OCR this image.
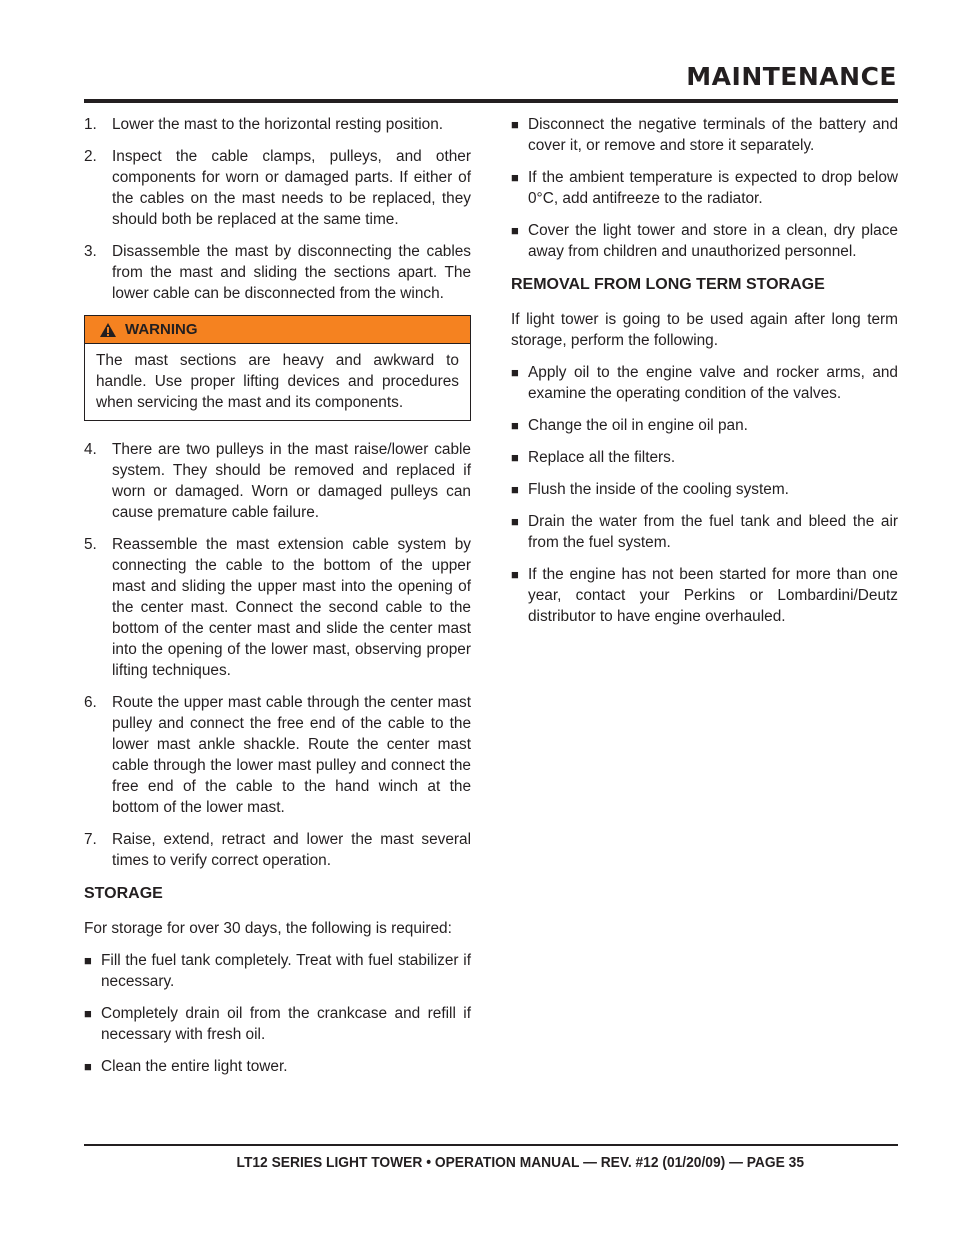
MAINTENANCE
1. Lower the mast to the horizontal resting position.
2. Inspect the cable clamps, pulleys, and other components for worn or damaged parts. If either of the cables on the mast needs to be replaced, they should both be replaced at the same time.
3. Disassemble the mast by disconnecting the cables from the mast and sliding the sections apart. The lower cable can be disconnected from the winch.
WARNING
The mast sections are heavy and awkward to handle. Use proper lifting devices and procedures when servicing the mast and its components.
4. There are two pulleys in the mast raise/lower cable system. They should be removed and replaced if worn or damaged. Worn or damaged pulleys can cause premature cable failure.
5. Reassemble the mast extension cable system by connecting the cable to the bottom of the upper mast and sliding the upper mast into the opening of the center mast. Connect the second cable to the bottom of the center mast and slide the center mast into the opening of the lower mast, observing proper lifting techniques.
6. Route the upper mast cable through the center mast pulley and connect the free end of the cable to the lower mast ankle shackle. Route the center mast cable through the lower mast pulley and connect the free end of the cable to the hand winch at the bottom of the lower mast.
7. Raise, extend, retract and lower the mast several times to verify correct operation.
STORAGE
For storage for over 30 days, the following is required:
■ Fill the fuel tank completely. Treat with fuel stabilizer if necessary.
■ Completely drain oil from the crankcase and refill if necessary with fresh oil.
■ Clean the entire light tower.
■ Disconnect the negative terminals of the battery and cover it, or remove and store it separately.
■ If the ambient temperature is expected to drop below 0°C, add antifreeze to the radiator.
■ Cover the light tower and store in a clean, dry place away from children and unauthorized personnel.
REMOVAL FROM LONG TERM STORAGE
If light tower is going to be used again after long term storage, perform the following.
■ Apply oil to the engine valve and rocker arms, and examine the operating condition of the valves.
■ Change the oil in engine oil pan.
■ Replace all the filters.
■ Flush the inside of the cooling system.
■ Drain the water from the fuel tank and bleed the air from the fuel system.
■ If the engine has not been started for more than one year, contact your Perkins or Lombardini/Deutz distributor to have engine overhauled.
LT12 SERIES LIGHT TOWER • OPERATION MANUAL — REV. #12 (01/20/09) — PAGE 35
